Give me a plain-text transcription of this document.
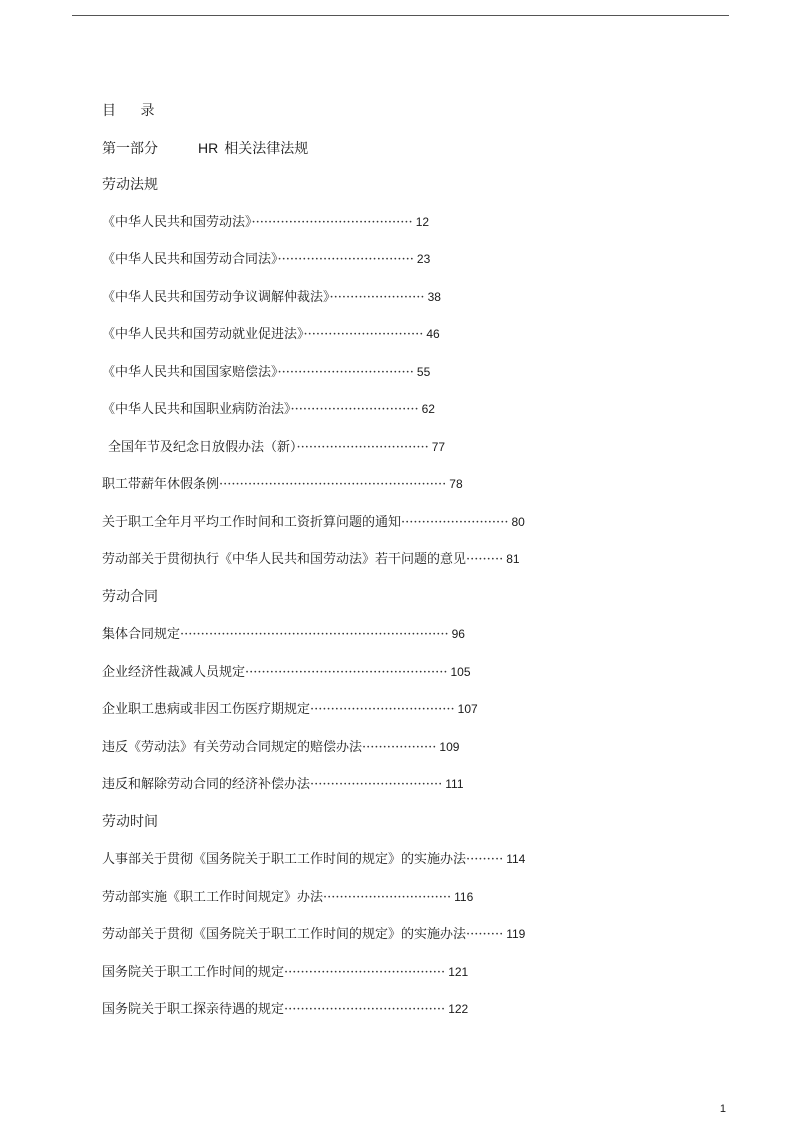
目 录
第一部分	HR 相关法律法规
劳动法规
劳动合同
劳动时间
《中华人民共和国劳动法》······································· 12
《中华人民共和国劳动合同法》································· 23
《中华人民共和国劳动争议调解仲裁法》······················· 38
《中华人民共和国劳动就业促进法》····························· 46
《中华人民共和国国家赔偿法》································· 55
《中华人民共和国职业病防治法》······························· 62
全国年节及纪念日放假办法（新）································ 77
职工带薪年休假条例······················································· 78
关于职工全年月平均工作时间和工资折算问题的通知·························· 80
劳动部关于贯彻执行《中华人民共和国劳动法》若干问题的意见········· 81
集体合同规定································································· 96
企业经济性裁减人员规定················································· 105
企业职工患病或非因工伤医疗期规定··································· 107
违反《劳动法》有关劳动合同规定的赔偿办法·················· 109
违反和解除劳动合同的经济补偿办法································ 111
人事部关于贯彻《国务院关于职工工作时间的规定》的实施办法········· 114
劳动部实施《职工工作时间规定》办法······························· 116
劳动部关于贯彻《国务院关于职工工作时间的规定》的实施办法········· 119
国务院关于职工工作时间的规定······································· 121
国务院关于职工探亲待遇的规定······································· 122
1
